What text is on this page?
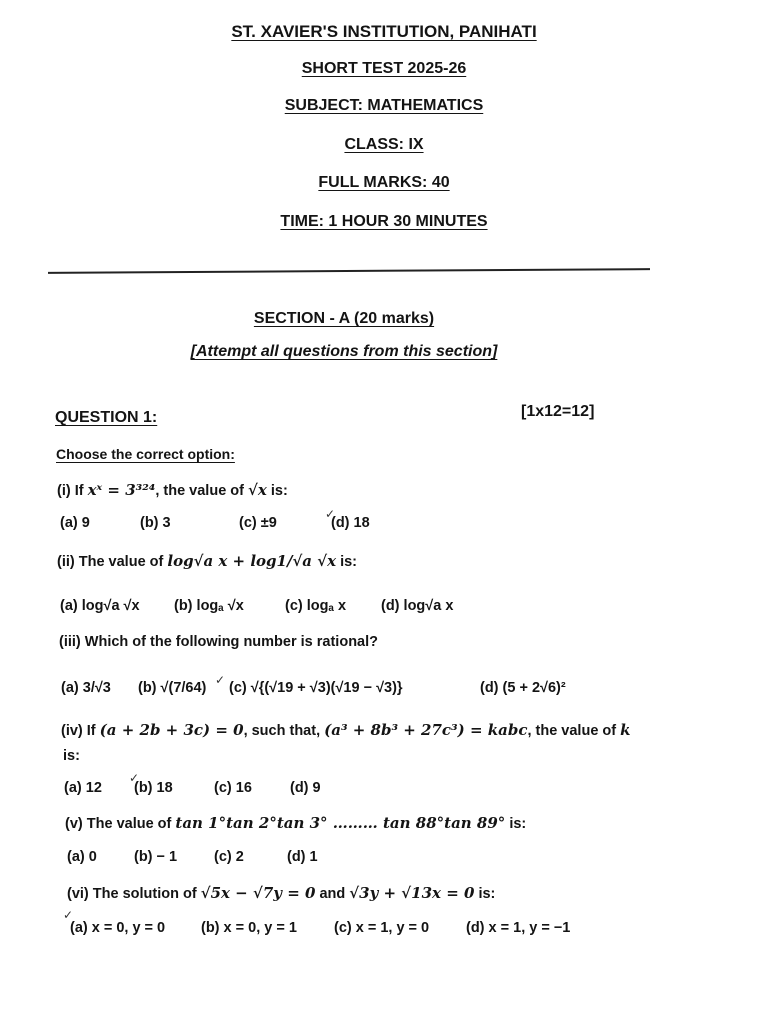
ST. XAVIER'S INSTITUTION, PANIHATI
SHORT TEST 2025-26
SUBJECT: MATHEMATICS
CLASS: IX
FULL MARKS: 40
TIME: 1 HOUR 30 MINUTES
SECTION - A (20 marks)
[Attempt all questions from this section]
QUESTION 1:	[1x12=12]
Choose the correct option:
(i) If xˣ = 3³²⁴, the value of √x is:
(a) 9	(b) 3	(c) ±9
✓
(d) 18
(ii) The value of log√a x + log1/√a √x is:
(a) log√a √x (b) logₐ √x	(c) logₐ x (d) log√a x
(iii) Which of the following number is rational?
(a) 3/√3 (b) √(7/64) ✓ (c) √{(√19 + √3)(√19 − √3)}	(d) (5 + 2√6)²
(iv) If (a + 2b + 3c) = 0, such that, (a³ + 8b³ + 27c³) = kabc, the value of k
is:
(a) 12
✓
(b) 18	(c) 16	(d) 9
(v) The value of tan 1°tan 2°tan 3° ……… tan 88°tan 89° is:
(a) 0	(b) − 1	(c) 2	(d) 1
(vi) The solution of √5x − √7y = 0 and √3y + √13x = 0 is:
✓
(a) x = 0, y = 0 (b) x = 0, y = 1	(c) x = 1, y = 0	(d) x = 1, y = −1
